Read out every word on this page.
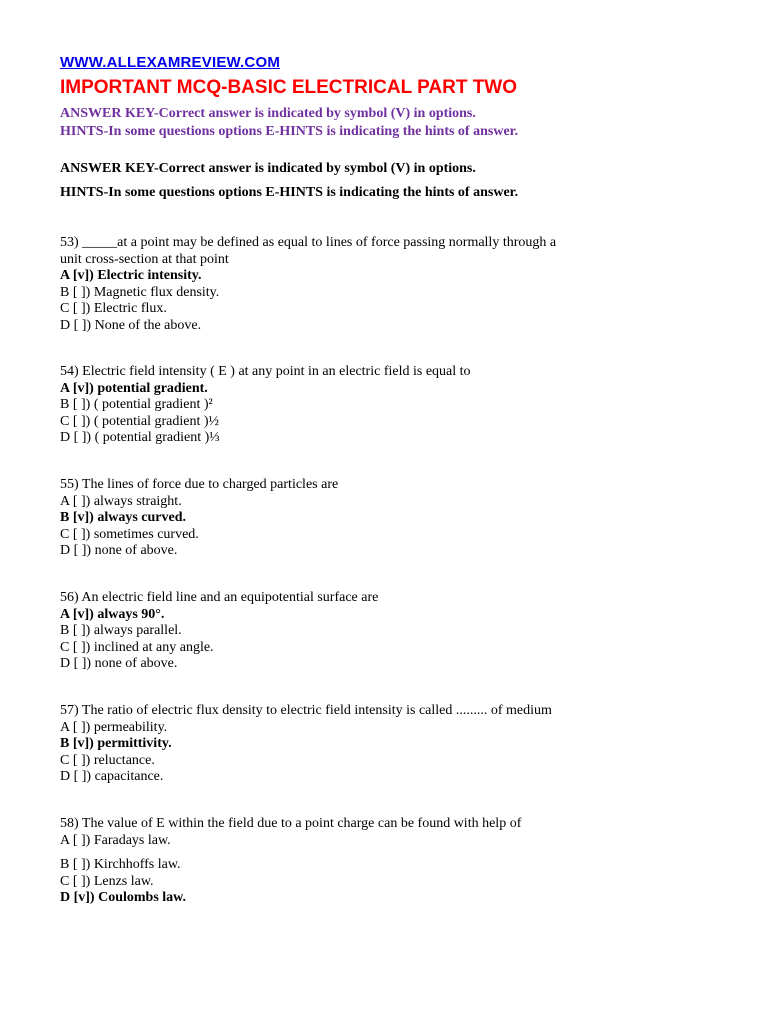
WWW.ALLEXAMREVIEW.COM
IMPORTANT MCQ-BASIC ELECTRICAL PART TWO
ANSWER KEY-Correct answer is indicated by symbol (V) in options.
HINTS-In some questions options E-HINTS is indicating the hints of answer.
ANSWER KEY-Correct answer is indicated by symbol (V) in options.
HINTS-In some questions options E-HINTS is indicating the hints of answer.
53) _____at a point may be defined as equal to lines of force passing normally through a
unit cross-section at that point
A [v]) Electric intensity.
B [ ]) Magnetic flux density.
C [ ]) Electric flux.
D [ ]) None of the above.
54) Electric field intensity ( E ) at any point in an electric field is equal to
A [v]) potential gradient.
B [ ]) ( potential gradient )²
C [ ]) ( potential gradient )½
D [ ]) ( potential gradient )⅓
55) The lines of force due to charged particles are
A [ ]) always straight.
B [v]) always curved.
C [ ]) sometimes curved.
D [ ]) none of above.
56) An electric field line and an equipotential surface are
A [v]) always 90°.
B [ ]) always parallel.
C [ ]) inclined at any angle.
D [ ]) none of above.
57) The ratio of electric flux density to electric field intensity is called ......... of medium
A [ ]) permeability.
B [v]) permittivity.
C [ ]) reluctance.
D [ ]) capacitance.
58) The value of E within the field due to a point charge can be found with help of
A [ ]) Faradays law.
B [ ]) Kirchhoffs law.
C [ ]) Lenzs law.
D [v]) Coulombs law.
